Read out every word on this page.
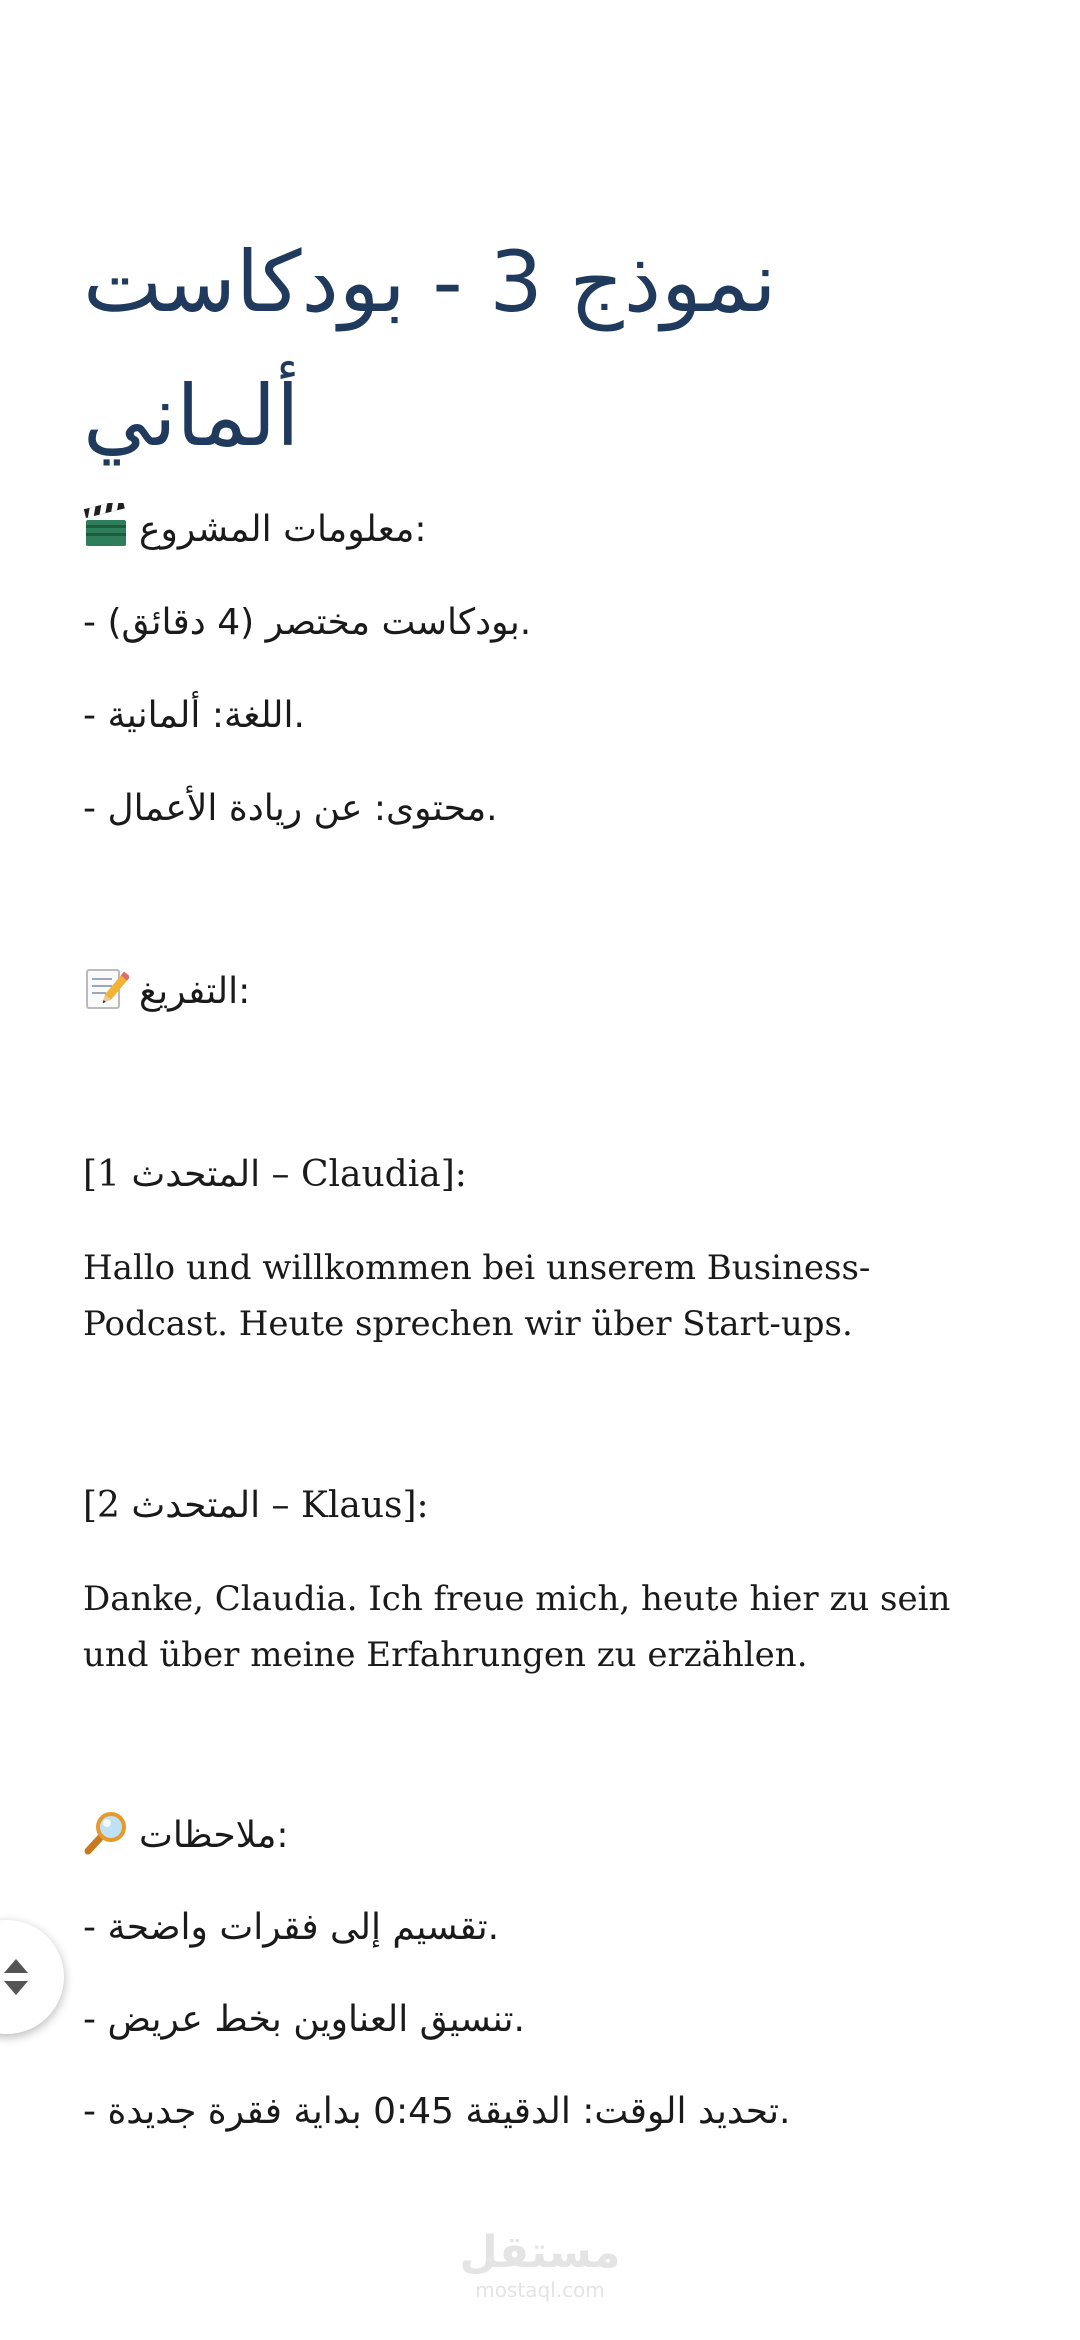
نموذج 3 - بودكاست ألماني

معلومات المشروع:

- بودكاست مختصر (4 دقائق).

- اللغة: ألمانية.

- محتوى: عن ريادة الأعمال.

التفريغ:

[المتحدث 1 – Claudia]:

Hallo und willkommen bei unserem Business-Podcast. Heute sprechen wir über Start-ups.

[المتحدث 2 – Klaus]:

Danke, Claudia. Ich freue mich, heute hier zu sein und über meine Erfahrungen zu erzählen.

ملاحظات:

- تقسيم إلى فقرات واضحة.

- تنسيق العناوين بخط عريض.

- تحديد الوقت: الدقيقة 0:45 بداية فقرة جديدة.

مستقل
mostaql.com
